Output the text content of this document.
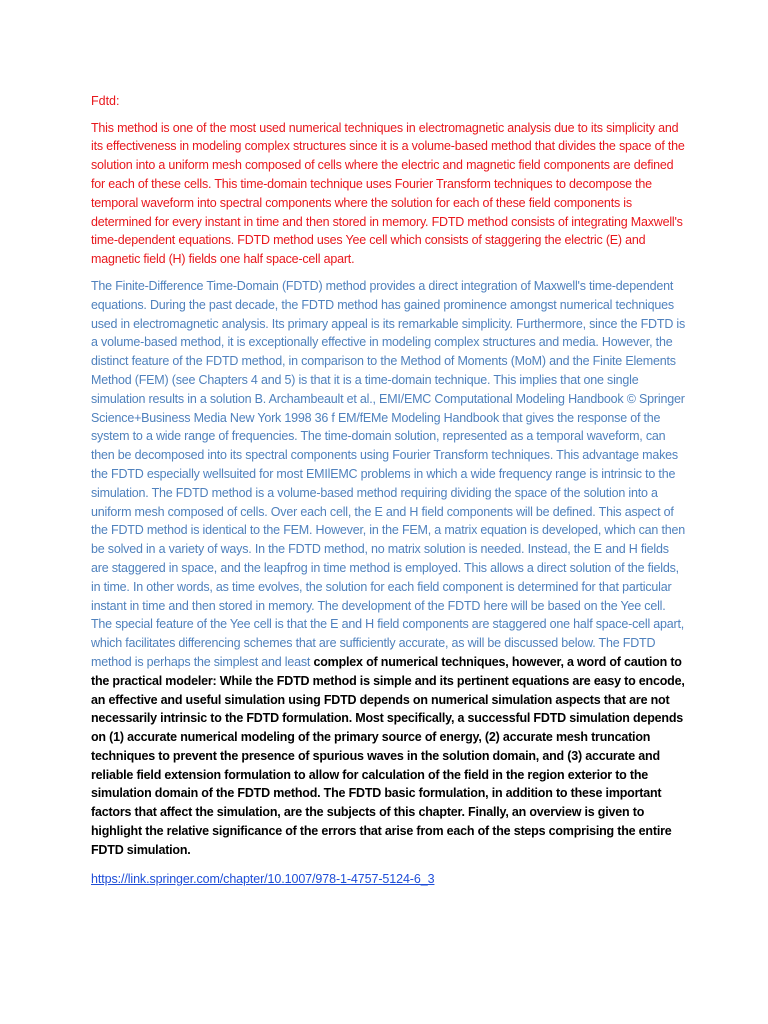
Fdtd:

This method is one of the most used numerical techniques in electromagnetic analysis due to its simplicity and its effectiveness in modeling complex structures since it is a volume-based method that divides the space of the solution into a uniform mesh composed of cells where the electric and magnetic field components are defined for each of these cells. This time-domain technique uses Fourier Transform techniques to decompose the temporal waveform into spectral components where the solution for each of these field components is determined for every instant in time and then stored in memory. FDTD method consists of integrating Maxwell's time-dependent equations. FDTD method uses Yee cell which consists of staggering the electric (E) and magnetic field (H) fields one half space-cell apart.

The Finite-Difference Time-Domain (FDTD) method provides a direct integration of Maxwell's time-dependent equations. During the past decade, the FDTD method has gained prominence amongst numerical techniques used in electromagnetic analysis. Its primary appeal is its remarkable simplicity. Furthermore, since the FDTD is a volume-based method, it is exceptionally effective in modeling complex structures and media. However, the distinct feature of the FDTD method, in comparison to the Method of Moments (MoM) and the Finite Elements Method (FEM) (see Chapters 4 and 5) is that it is a time-domain technique. This implies that one single simulation results in a solution B. Archambeault et al., EMI/EMC Computational Modeling Handbook © Springer Science+Business Media New York 1998 36 f EM/fEMe Modeling Handbook that gives the response of the system to a wide range of frequencies. The time-domain solution, represented as a temporal waveform, can then be decomposed into its spectral components using Fourier Transform techniques. This advantage makes the FDTD especially wellsuited for most EMIlEMC problems in which a wide frequency range is intrinsic to the simulation. The FDTD method is a volume-based method requiring dividing the space of the solution into a uniform mesh composed of cells. Over each cell, the E and H field components will be defined. This aspect of the FDTD method is identical to the FEM. However, in the FEM, a matrix equation is developed, which can then be solved in a variety of ways. In the FDTD method, no matrix solution is needed. Instead, the E and H fields are staggered in space, and the leapfrog in time method is employed. This allows a direct solution of the fields, in time. In other words, as time evolves, the solution for each field component is determined for that particular instant in time and then stored in memory. The development of the FDTD here will be based on the Yee cell. The special feature of the Yee cell is that the E and H field components are staggered one half space-cell apart, which facilitates differencing schemes that are sufficiently accurate, as will be discussed below. The FDTD method is perhaps the simplest and least complex of numerical techniques, however, a word of caution to the practical modeler: While the FDTD method is simple and its pertinent equations are easy to encode, an effective and useful simulation using FDTD depends on numerical simulation aspects that are not necessarily intrinsic to the FDTD formulation. Most specifically, a successful FDTD simulation depends on (1) accurate numerical modeling of the primary source of energy, (2) accurate mesh truncation techniques to prevent the presence of spurious waves in the solution domain, and (3) accurate and reliable field extension formulation to allow for calculation of the field in the region exterior to the simulation domain of the FDTD method. The FDTD basic formulation, in addition to these important factors that affect the simulation, are the subjects of this chapter. Finally, an overview is given to highlight the relative significance of the errors that arise from each of the steps comprising the entire FDTD simulation.

https://link.springer.com/chapter/10.1007/978-1-4757-5124-6_3
